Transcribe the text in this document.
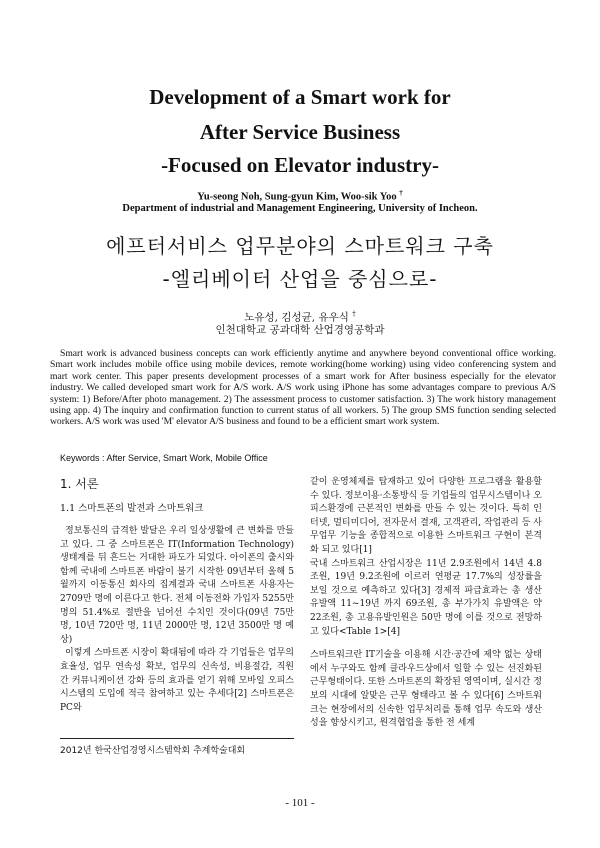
Development of a Smart work for
After Service Business
-Focused on Elevator industry-
Yu-seong Noh, Sung-gyun Kim, Woo-sik Yoo †
Department of industrial and Management Engineering, University of Incheon.
에프터서비스 업무분야의 스마트워크 구축
-엘리베이터 산업을 중심으로-
노유성, 김성균, 유우식 †
인천대학교 공과대학 산업경영공학과
Smart work is advanced business concepts can work efficiently anytime and anywhere beyond conventional office working. Smart work includes mobile office using mobile devices, remote working(home working) using video conferencing system and mart work center. This paper presents development processes of a smart work for After business especially for the elevator industry. We called developed smart work for A/S work. A/S work using iPhone has some advantages compare to previous A/S system: 1) Before/After photo management. 2) The assessment process to customer satisfaction. 3) The work history management using app. 4) The inquiry and confirmation function to current status of all workers. 5) The group SMS function sending selected workers. A/S work was used 'M' elevator A/S business and found to be a efficient smart work system.
Keywords : After Service, Smart Work, Mobile Office
1. 서론
1.1 스마트폰의 발전과 스마트워크

정보통신의 급격한 발달은 우리 일상생활에 큰 변화를 만들고 있다. 그 중 스마트폰은 IT(Information Technology)생태계를 뒤 흔드는 거대한 파도가 되었다. 아이폰의 출시와 함께 국내에 스마트폰 바람이 불기 시작한 09년부터 올해 5월까지 이동통신 회사의 집계결과 국내 스마트폰 사용자는 2709만 명에 이른다고 한다. 전체 이동전화 가입자 5255만 명의 51.4%로 절반을 넘어선 수치인 것이다(09년 75만 명, 10년 720만 명, 11년 2000만 명, 12년 3500만 명 예상)

이렇게 스마트폰 시장이 확대됨에 따라 각 기업들은 업무의 효율성, 업무 연속성 확보, 업무의 신속성, 비용절감, 직원 간 커뮤니케이션 강화 등의 효과를 얻기 위해 모바일 오피스 시스템의 도입에 적극 참여하고 있는 추세다[2] 스마트폰은 PC와

2012년 한국산업경영시스템학회 추계학술대회

같이 운영체제를 탑재하고 있어 다양한 프로그램을 활용할 수 있다. 정보이용·소통방식 등 기업들의 업무시스템이나 오피스환경에 근본적인 변화를 만들 수 있는 것이다. 특히 인터넷, 멀티미디어, 전자문서 결재, 고객관리, 작업관리 등 사무업무 기능을 종합적으로 이용한 스마트워크 구현이 본격화 되고 있다[1]

국내 스마트워크 산업시장은 11년 2.9조원에서 14년 4.8조원, 19년 9.2조원에 이르러 연평균 17.7%의 성장률을 보일 것으로 예측하고 있다[3] 경제적 파급효과는 총 생산유발액 11~19년 까지 69조원, 총 부가가치 유발액은 약 22조원, 총 고용유발인원은 50만 명에 이를 것으로 전망하고 있다<Table 1>[4]

스마트워크란 IT기술을 이용해 시간·공간에 제약 없는 상태에서 누구와도 함께 클라우드상에서 일할 수 있는 선진화된 근무형태이다. 또한 스마트폰의 확장된 영역이며, 실시간 정보의 시대에 알맞은 근무 형태라고 볼 수 있다[6] 스마트워크는 현장에서의 신속한 업무처리를 통해 업무 속도와 생산성을 향상시키고, 원격협업을 통한 전 세계

- 101 -
